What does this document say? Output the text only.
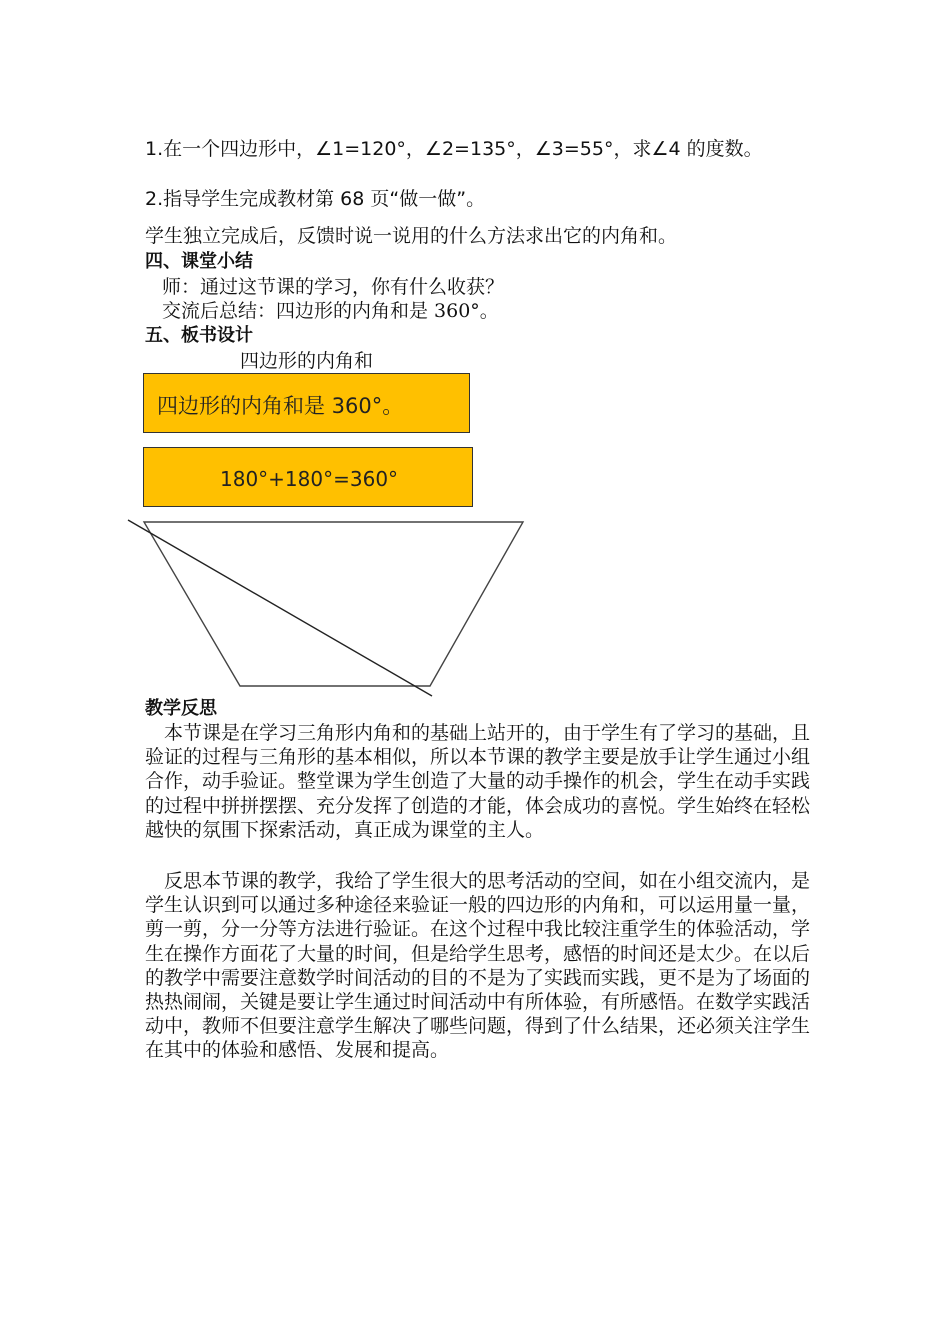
1.在一个四边形中，∠1=120°，∠2=135°，∠3=55°，求∠4 的度数。
2.指导学生完成教材第 68 页“做一做”。
学生独立完成后，反馈时说一说用的什么方法求出它的内角和。
四、课堂小结
师：通过这节课的学习，你有什么收获？
交流后总结：四边形的内角和是 360°。
五、板书设计
四边形的内角和
四边形的内角和是 360°。
180°+180°=360°
教学反思
本节课是在学习三角形内角和的基础上站开的，由于学生有了学习的基础，且验证的过程与三角形的基本相似，所以本节课的教学主要是放手让学生通过小组合作，动手验证。整堂课为学生创造了大量的动手操作的机会，学生在动手实践的过程中拼拼摆摆、充分发挥了创造的才能，体会成功的喜悦。学生始终在轻松越快的氛围下探索活动，真正成为课堂的主人。
反思本节课的教学，我给了学生很大的思考活动的空间，如在小组交流内，是学生认识到可以通过多种途径来验证一般的四边形的内角和，可以运用量一量，剪一剪，分一分等方法进行验证。在这个过程中我比较注重学生的体验活动，学生在操作方面花了大量的时间，但是给学生思考，感悟的时间还是太少。在以后的教学中需要注意数学时间活动的目的不是为了实践而实践，更不是为了场面的热热闹闹，关键是要让学生通过时间活动中有所体验，有所感悟。在数学实践活动中，教师不但要注意学生解决了哪些问题，得到了什么结果，还必须关注学生在其中的体验和感悟、发展和提高。
